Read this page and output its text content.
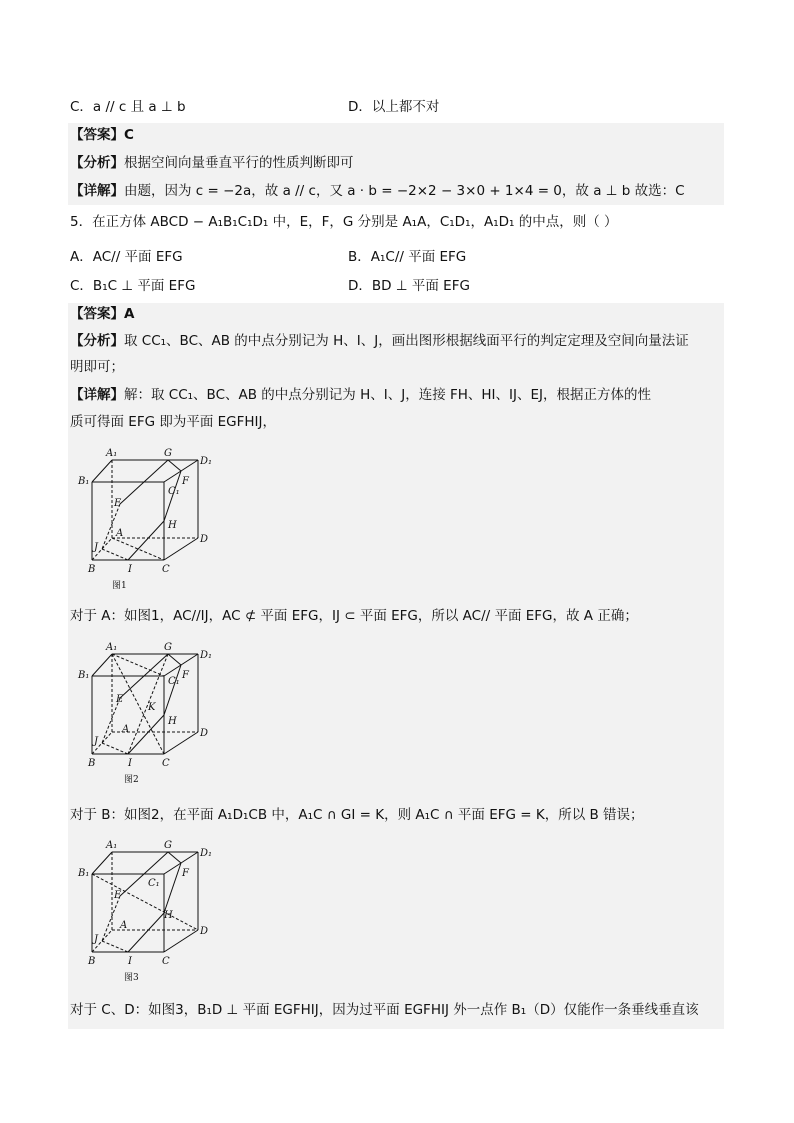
C．a // c 且 a ⊥ b	D．以上都不对
【答案】C
【分析】根据空间向量垂直平行的性质判断即可
【详解】由题，因为 c = −2a，故 a // c，又 a · b = −2×2 − 3×0 + 1×4 = 0，故 a ⊥ b 故选：C
5．在正方体 ABCD − A₁B₁C₁D₁ 中，E，F，G 分别是 A₁A，C₁D₁，A₁D₁ 的中点，则（ ）
A．AC// 平面 EFG	B．A₁C// 平面 EFG
C．B₁C ⊥ 平面 EFG	D．BD ⊥ 平面 EFG
【答案】A
【分析】取 CC₁、BC、AB 的中点分别记为 H、I、J，画出图形根据线面平行的判定定理及空间向量法证
明即可；
【详解】解：取 CC₁、BC、AB 的中点分别记为 H、I、J，连接 FH、HI、IJ、EJ，根据正方体的性
质可得面 EFG 即为平面 EGFHIJ，
A₁	G
D₁
B₁	F
C₁
E
H
A
D
J
B	I	C
图1
对于 A：如图1，AC//IJ，AC ⊄ 平面 EFG，IJ ⊂ 平面 EFG，所以 AC// 平面 EFG，故 A 正确；
A₁	G
D₁
B₁	F
C₁
E
K
H
A	D
J
B	I	C
图2
对于 B：如图2，在平面 A₁D₁CB 中，A₁C ∩ GI = K，则 A₁C ∩ 平面 EFG = K，所以 B 错误；
A₁	G
D₁
B₁	F
C₁
E
H
A
D
J
B	I	C
图3
对于 C、D：如图3，B₁D ⊥ 平面 EGFHIJ，因为过平面 EGFHIJ 外一点作 B₁（D）仅能作一条垂线垂直该
